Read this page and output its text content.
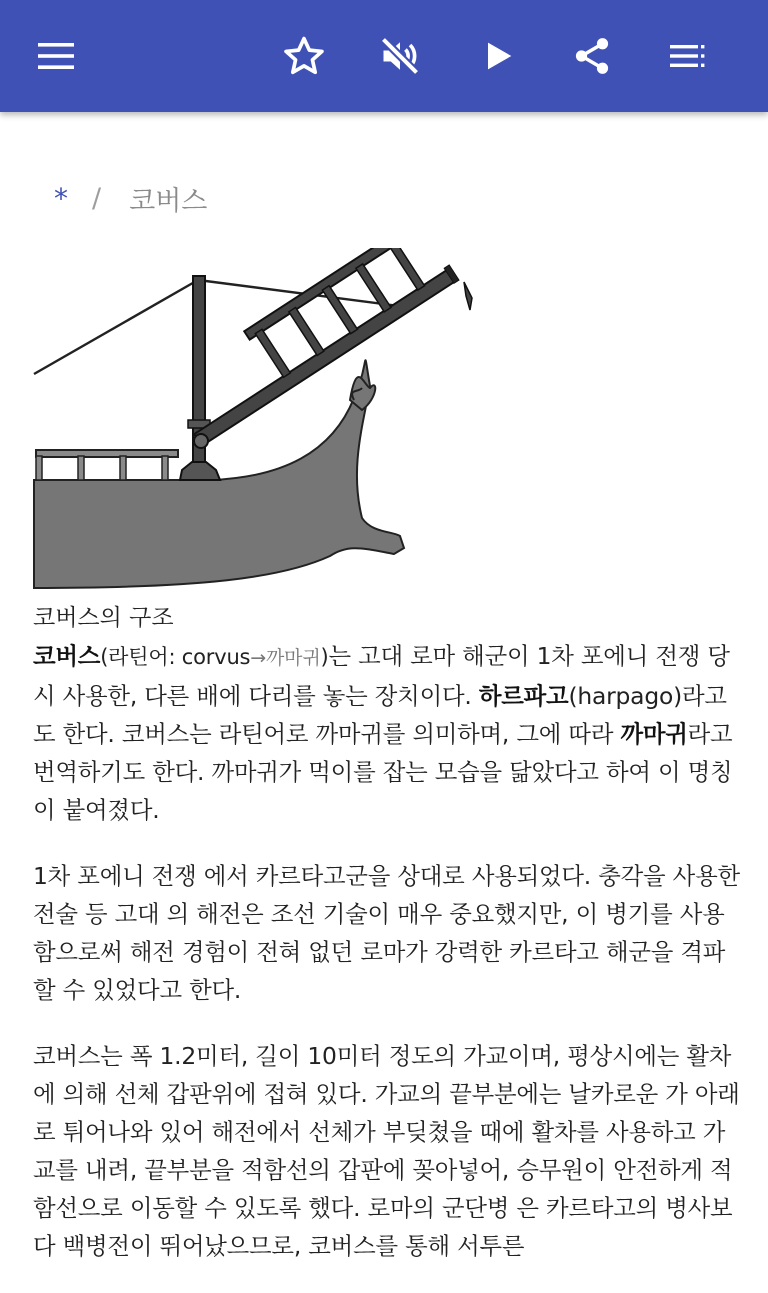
* / 코버스
코버스의 구조

코버스(라틴어: corvus→까마귀)는 고대 로마 해군이 1차 포에니 전쟁 당시 사용한, 다른 배에 다리를 놓는 장치이다. 하르파고(harpago)라고도 한다. 코버스는 라틴어로 까마귀를 의미하며, 그에 따라 까마귀라고 번역하기도 한다. 까마귀가 먹이를 잡는 모습을 닮았다고 하여 이 명칭이 붙여졌다.

1차 포에니 전쟁 에서 카르타고군을 상대로 사용되었다. 충각을 사용한 전술 등 고대 의 해전은 조선 기술이 매우 중요했지만, 이 병기를 사용함으로써 해전 경험이 전혀 없던 로마가 강력한 카르타고 해군을 격파할 수 있었다고 한다.

코버스는 폭 1.2미터, 길이 10미터 정도의 가교이며, 평상시에는 활차 에 의해 선체 갑판위에 접혀 있다. 가교의 끝부분에는 날카로운 가 아래로 튀어나와 있어 해전에서 선체가 부딪쳤을 때에 활차를 사용하고 가교를 내려, 끝부분을 적함선의 갑판에 꽂아넣어, 승무원이 안전하게 적함선으로 이동할 수 있도록 했다. 로마의 군단병 은 카르타고의 병사보다 백병전이 뛰어났으므로, 코버스를 통해 서투른
